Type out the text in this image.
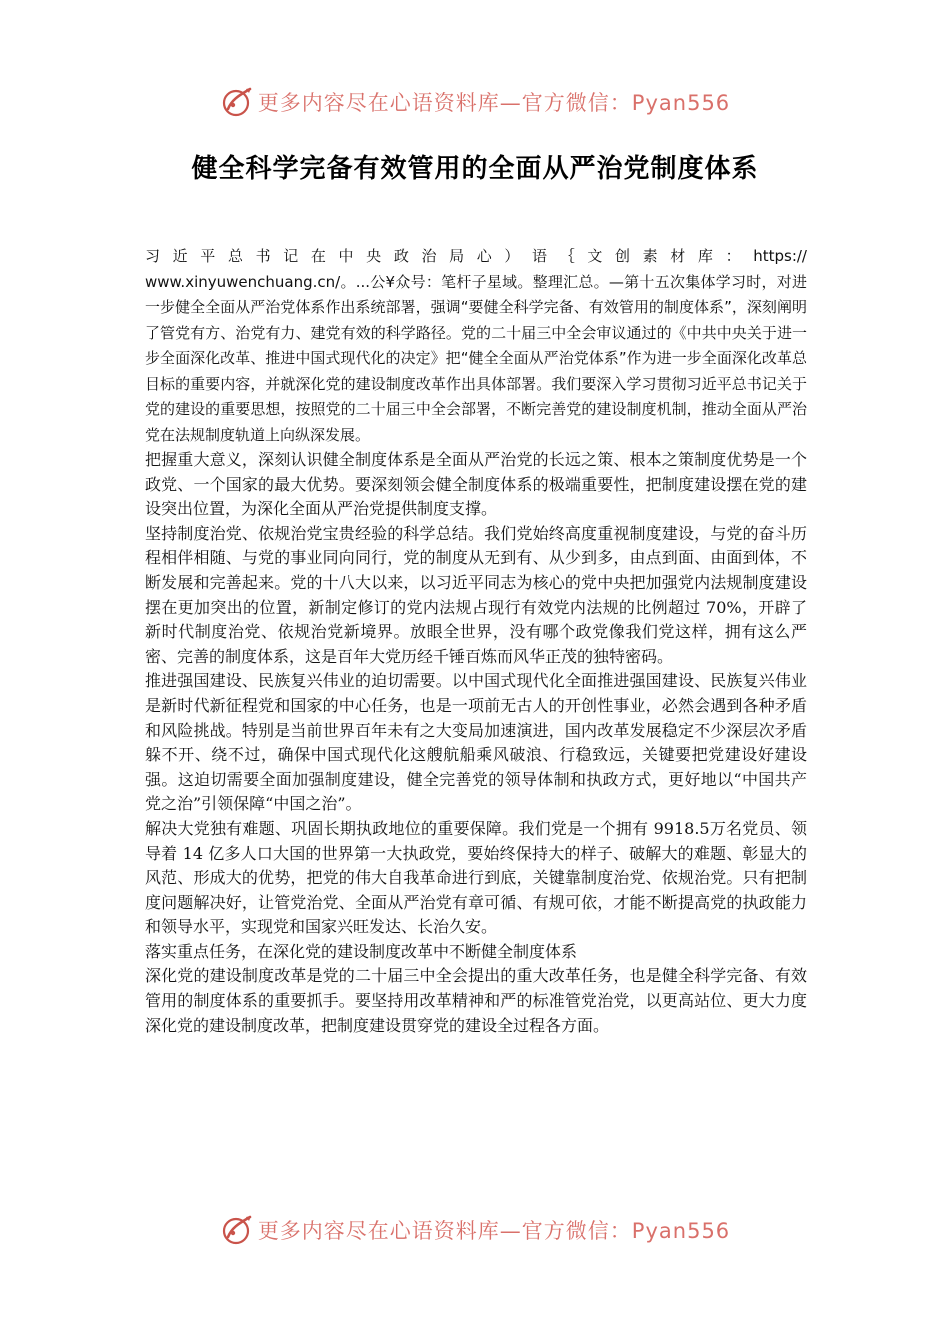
更多内容尽在心语资料库—官方微信：Pyan556
健全科学完备有效管用的全面从严治党制度体系

习近平总书记在中央政治局心）语｛文创素材库：https://
www.xinyuwenchuang.cn/。...公¥众号：笔杆子星域。整理汇总。—第十五次集体学习时，对进一步健全全面从严治党体系作出系统部署，强调“要健全科学完备、有效管用的制度体系”，深刻阐明了管党有方、治党有力、建党有效的科学路径。党的二十届三中全会审议通过的《中共中央关于进一步全面深化改革、推进中国式现代化的决定》把“健全全面从严治党体系”作为进一步全面深化改革总目标的重要内容，并就深化党的建设制度改革作出具体部署。我们要深入学习贯彻习近平总书记关于党的建设的重要思想，按照党的二十届三中全会部署，不断完善党的建设制度机制，推动全面从严治党在法规制度轨道上向纵深发展。

把握重大意义，深刻认识健全制度体系是全面从严治党的长远之策、根本之策制度优势是一个政党、一个国家的最大优势。要深刻领会健全制度体系的极端重要性，把制度建设摆在党的建设突出位置，为深化全面从严治党提供制度支撑。

坚持制度治党、依规治党宝贵经验的科学总结。我们党始终高度重视制度建设，与党的奋斗历程相伴相随、与党的事业同向同行，党的制度从无到有、从少到多，由点到面、由面到体，不断发展和完善起来。党的十八大以来，以习近平同志为核心的党中央把加强党内法规制度建设摆在更加突出的位置，新制定修订的党内法规占现行有效党内法规的比例超过 70%，开辟了新时代制度治党、依规治党新境界。放眼全世界，没有哪个政党像我们党这样，拥有这么严密、完善的制度体系，这是百年大党历经千锤百炼而风华正茂的独特密码。

推进强国建设、民族复兴伟业的迫切需要。以中国式现代化全面推进强国建设、民族复兴伟业是新时代新征程党和国家的中心任务，也是一项前无古人的开创性事业，必然会遇到各种矛盾和风险挑战。特别是当前世界百年未有之大变局加速演进，国内改革发展稳定不少深层次矛盾躲不开、绕不过，确保中国式现代化这艘航船乘风破浪、行稳致远，关键要把党建设好建设强。这迫切需要全面加强制度建设，健全完善党的领导体制和执政方式，更好地以“中国共产党之治”引领保障“中国之治”。

解决大党独有难题、巩固长期执政地位的重要保障。我们党是一个拥有 9918.5万名党员、领导着 14 亿多人口大国的世界第一大执政党，要始终保持大的样子、破解大的难题、彰显大的风范、形成大的优势，把党的伟大自我革命进行到底，关键靠制度治党、依规治党。只有把制度问题解决好，让管党治党、全面从严治党有章可循、有规可依，才能不断提高党的执政能力和领导水平，实现党和国家兴旺发达、长治久安。

落实重点任务，在深化党的建设制度改革中不断健全制度体系

深化党的建设制度改革是党的二十届三中全会提出的重大改革任务，也是健全科学完备、有效管用的制度体系的重要抓手。要坚持用改革精神和严的标准管党治党，以更高站位、更大力度深化党的建设制度改革，把制度建设贯穿党的建设全过程各方面。

更多内容尽在心语资料库—官方微信：Pyan556
